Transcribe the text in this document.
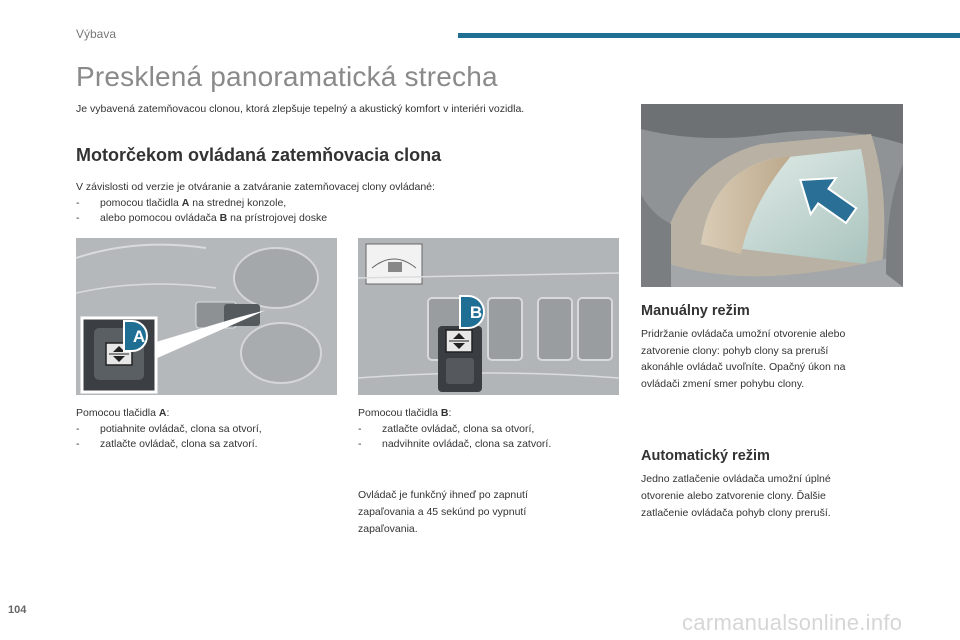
Výbava
Presklená panoramatická strecha
Je vybavená zatemňovacou clonou, ktorá zlepšuje tepelný a akustický komfort v interiéri vozidla.
Motorčekom ovládaná zatemňovacia clona
V závislosti od verzie je otváranie a zatváranie zatemňovacej clony ovládané:
-	pomocou tlačidla A na strednej konzole,
-	alebo pomocou ovládača B na prístrojovej doske
A
B
Pomocou tlačidla A:
-	potiahnite ovládač, clona sa otvorí,
-	zatlačte ovládač, clona sa zatvorí.
Pomocou tlačidla B:
-	zatlačte ovládač, clona sa otvorí,
-	nadvihnite ovládač, clona sa zatvorí.
Ovládač je funkčný ihneď po zapnutí
zapaľovania a 45 sekúnd po vypnutí
zapaľovania.
Manuálny režim
Pridržanie ovládača umožní otvorenie alebo
zatvorenie clony: pohyb clony sa preruší
akonáhle ovládač uvoľníte. Opačný úkon na
ovládači zmení smer pohybu clony.
Automatický režim
Jedno zatlačenie ovládača umožní úplné
otvorenie alebo zatvorenie clony. Ďalšie
zatlačenie ovládača pohyb clony preruší.
104	carmanualsonline.info
